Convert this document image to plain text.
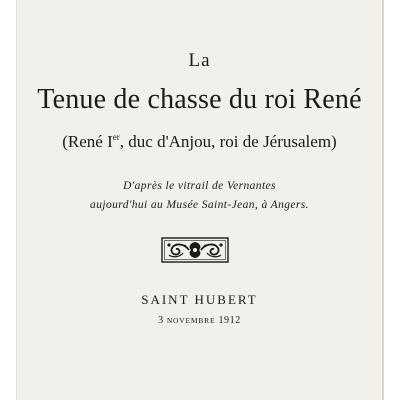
La
Tenue de chasse du roi René
(René Ier, duc d'Anjou, roi de Jérusalem)
D'après le vitrail de Vernantes
aujourd'hui au Musée Saint-Jean, à Angers.
SAINT HUBERT
3 NOVEMBRE 1912
